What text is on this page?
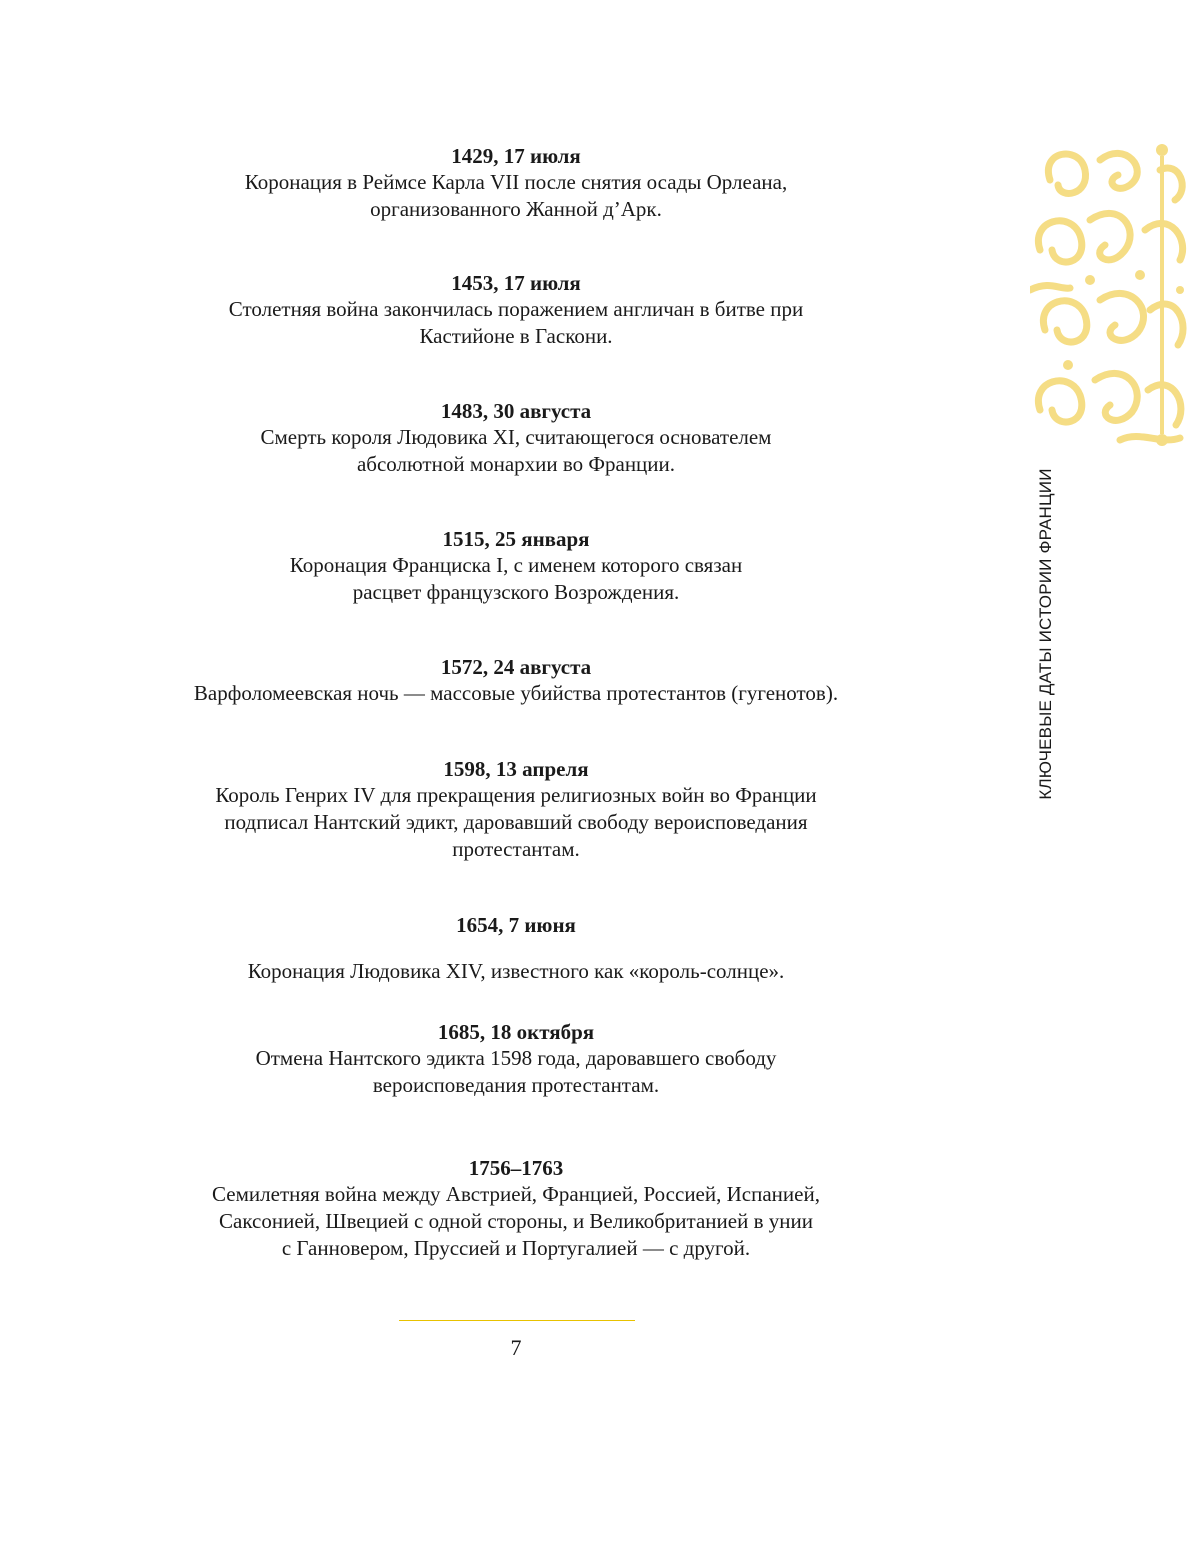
1429, 17 июля
Коронация в Реймсе Карла VII после снятия осады Орлеана,
организованного Жанной д’Арк.
1453, 17 июля
Столетняя война закончилась поражением англичан в битве при
Кастийоне в Гаскони.
1483, 30 августа
Смерть короля Людовика XI, считающегося основателем
абсолютной монархии во Франции.
1515, 25 января
Коронация Франциска I, с именем которого связан
расцвет французского Возрождения.
1572, 24 августа
Варфоломеевская ночь — массовые убийства протестантов (гугенотов).
1598, 13 апреля
Король Генрих IV для прекращения религиозных войн во Франции
подписал Нантский эдикт, даровавший свободу вероисповедания
протестантам.
1654, 7 июня
Коронация Людовика XIV, известного как «король-солнце».
1685, 18 октября
Отмена Нантского эдикта 1598 года, даровавшего свободу
вероисповедания протестантам.
1756–1763
Семилетняя война между Австрией, Францией, Россией, Испанией,
Саксонией, Швецией с одной стороны, и Великобританией в унии
с Ганновером, Пруссией и Португалией — с другой.
7
КЛЮЧЕВЫЕ ДАТЫ ИСТОРИИ ФРАНЦИИ
